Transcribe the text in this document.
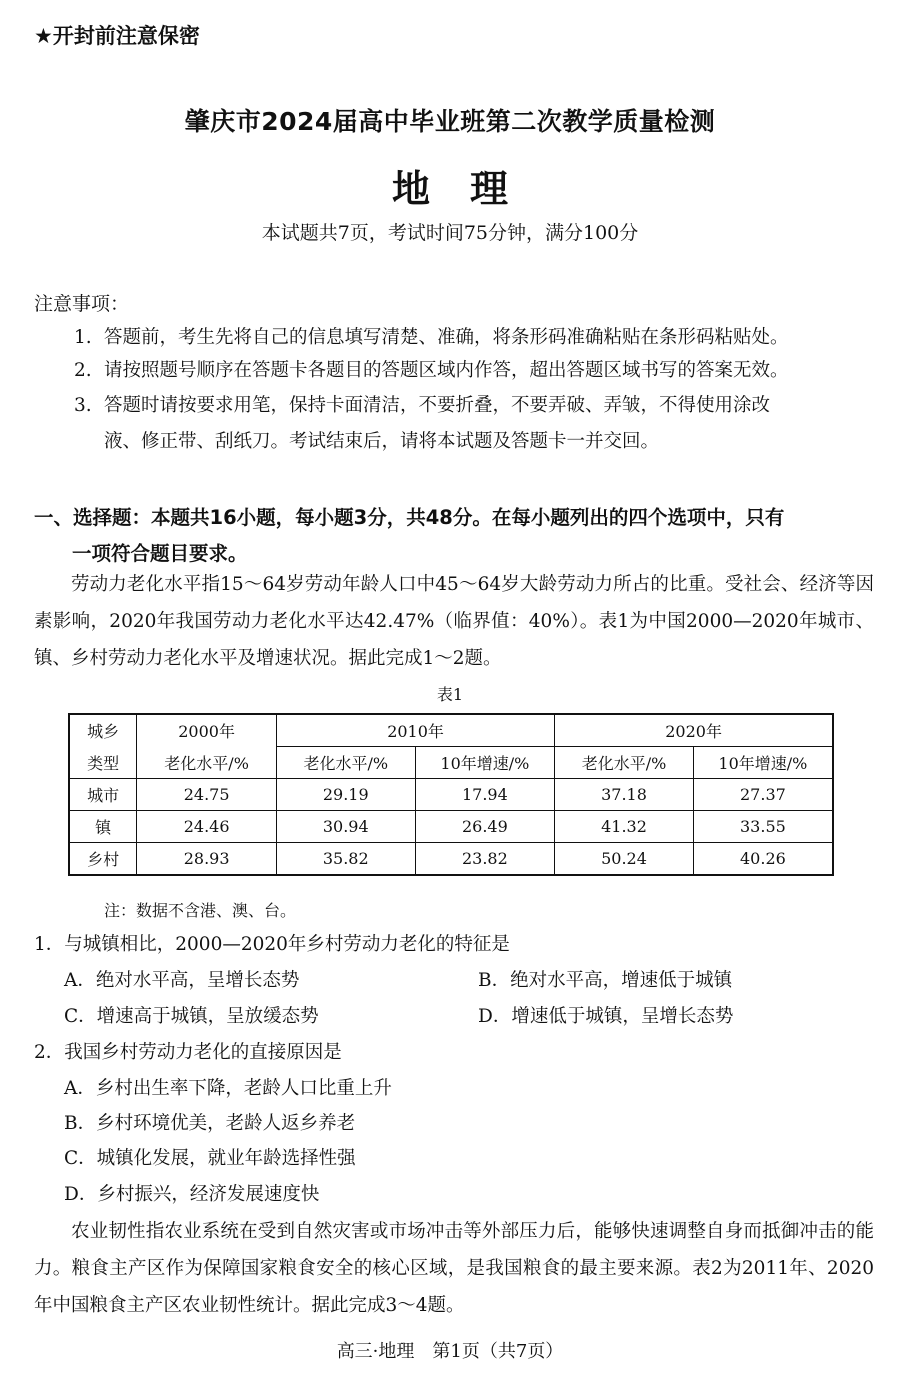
★开封前注意保密
肇庆市2024届高中毕业班第二次教学质量检测
地理
本试题共7页，考试时间75分钟，满分100分
注意事项：
1. 答题前，考生先将自己的信息填写清楚、准确，将条形码准确粘贴在条形码粘贴处。
2. 请按照题号顺序在答题卡各题目的答题区域内作答，超出答题区域书写的答案无效。
3. 答题时请按要求用笔，保持卡面清洁，不要折叠，不要弄破、弄皱，不得使用涂改
液、修正带、刮纸刀。考试结束后，请将本试题及答题卡一并交回。
一、选择题：本题共16小题，每小题3分，共48分。在每小题列出的四个选项中，只有
一项符合题目要求。
劳动力老化水平指15～64岁劳动年龄人口中45～64岁大龄劳动力所占的比重。受社会、经济等因素影响，2020年我国劳动力老化水平达42.47%（临界值：40%）。表1为中国2000—2020年城市、镇、乡村劳动力老化水平及增速状况。据此完成1～2题。
表1
城乡	2000年	2010年		2020年	
类型	老化水平/%	老化水平/%	10年增速/%	老化水平/%	10年增速/%
城市	24.75	29.19	17.94	37.18	27.37
镇	24.46	30.94	26.49	41.32	33.55
乡村	28.93	35.82	23.82	50.24	40.26
注：数据不含港、澳、台。
1．与城镇相比，2000—2020年乡村劳动力老化的特征是
A．绝对水平高，呈增长态势	B．绝对水平高，增速低于城镇
C．增速高于城镇，呈放缓态势	D．增速低于城镇，呈增长态势
2．我国乡村劳动力老化的直接原因是
A．乡村出生率下降，老龄人口比重上升
B．乡村环境优美，老龄人返乡养老
C．城镇化发展，就业年龄选择性强
D．乡村振兴，经济发展速度快
农业韧性指农业系统在受到自然灾害或市场冲击等外部压力后，能够快速调整自身而抵御冲击的能力。粮食主产区作为保障国家粮食安全的核心区域，是我国粮食的最主要来源。表2为2011年、2020年中国粮食主产区农业韧性统计。据此完成3～4题。
高三·地理　第1页（共7页）
